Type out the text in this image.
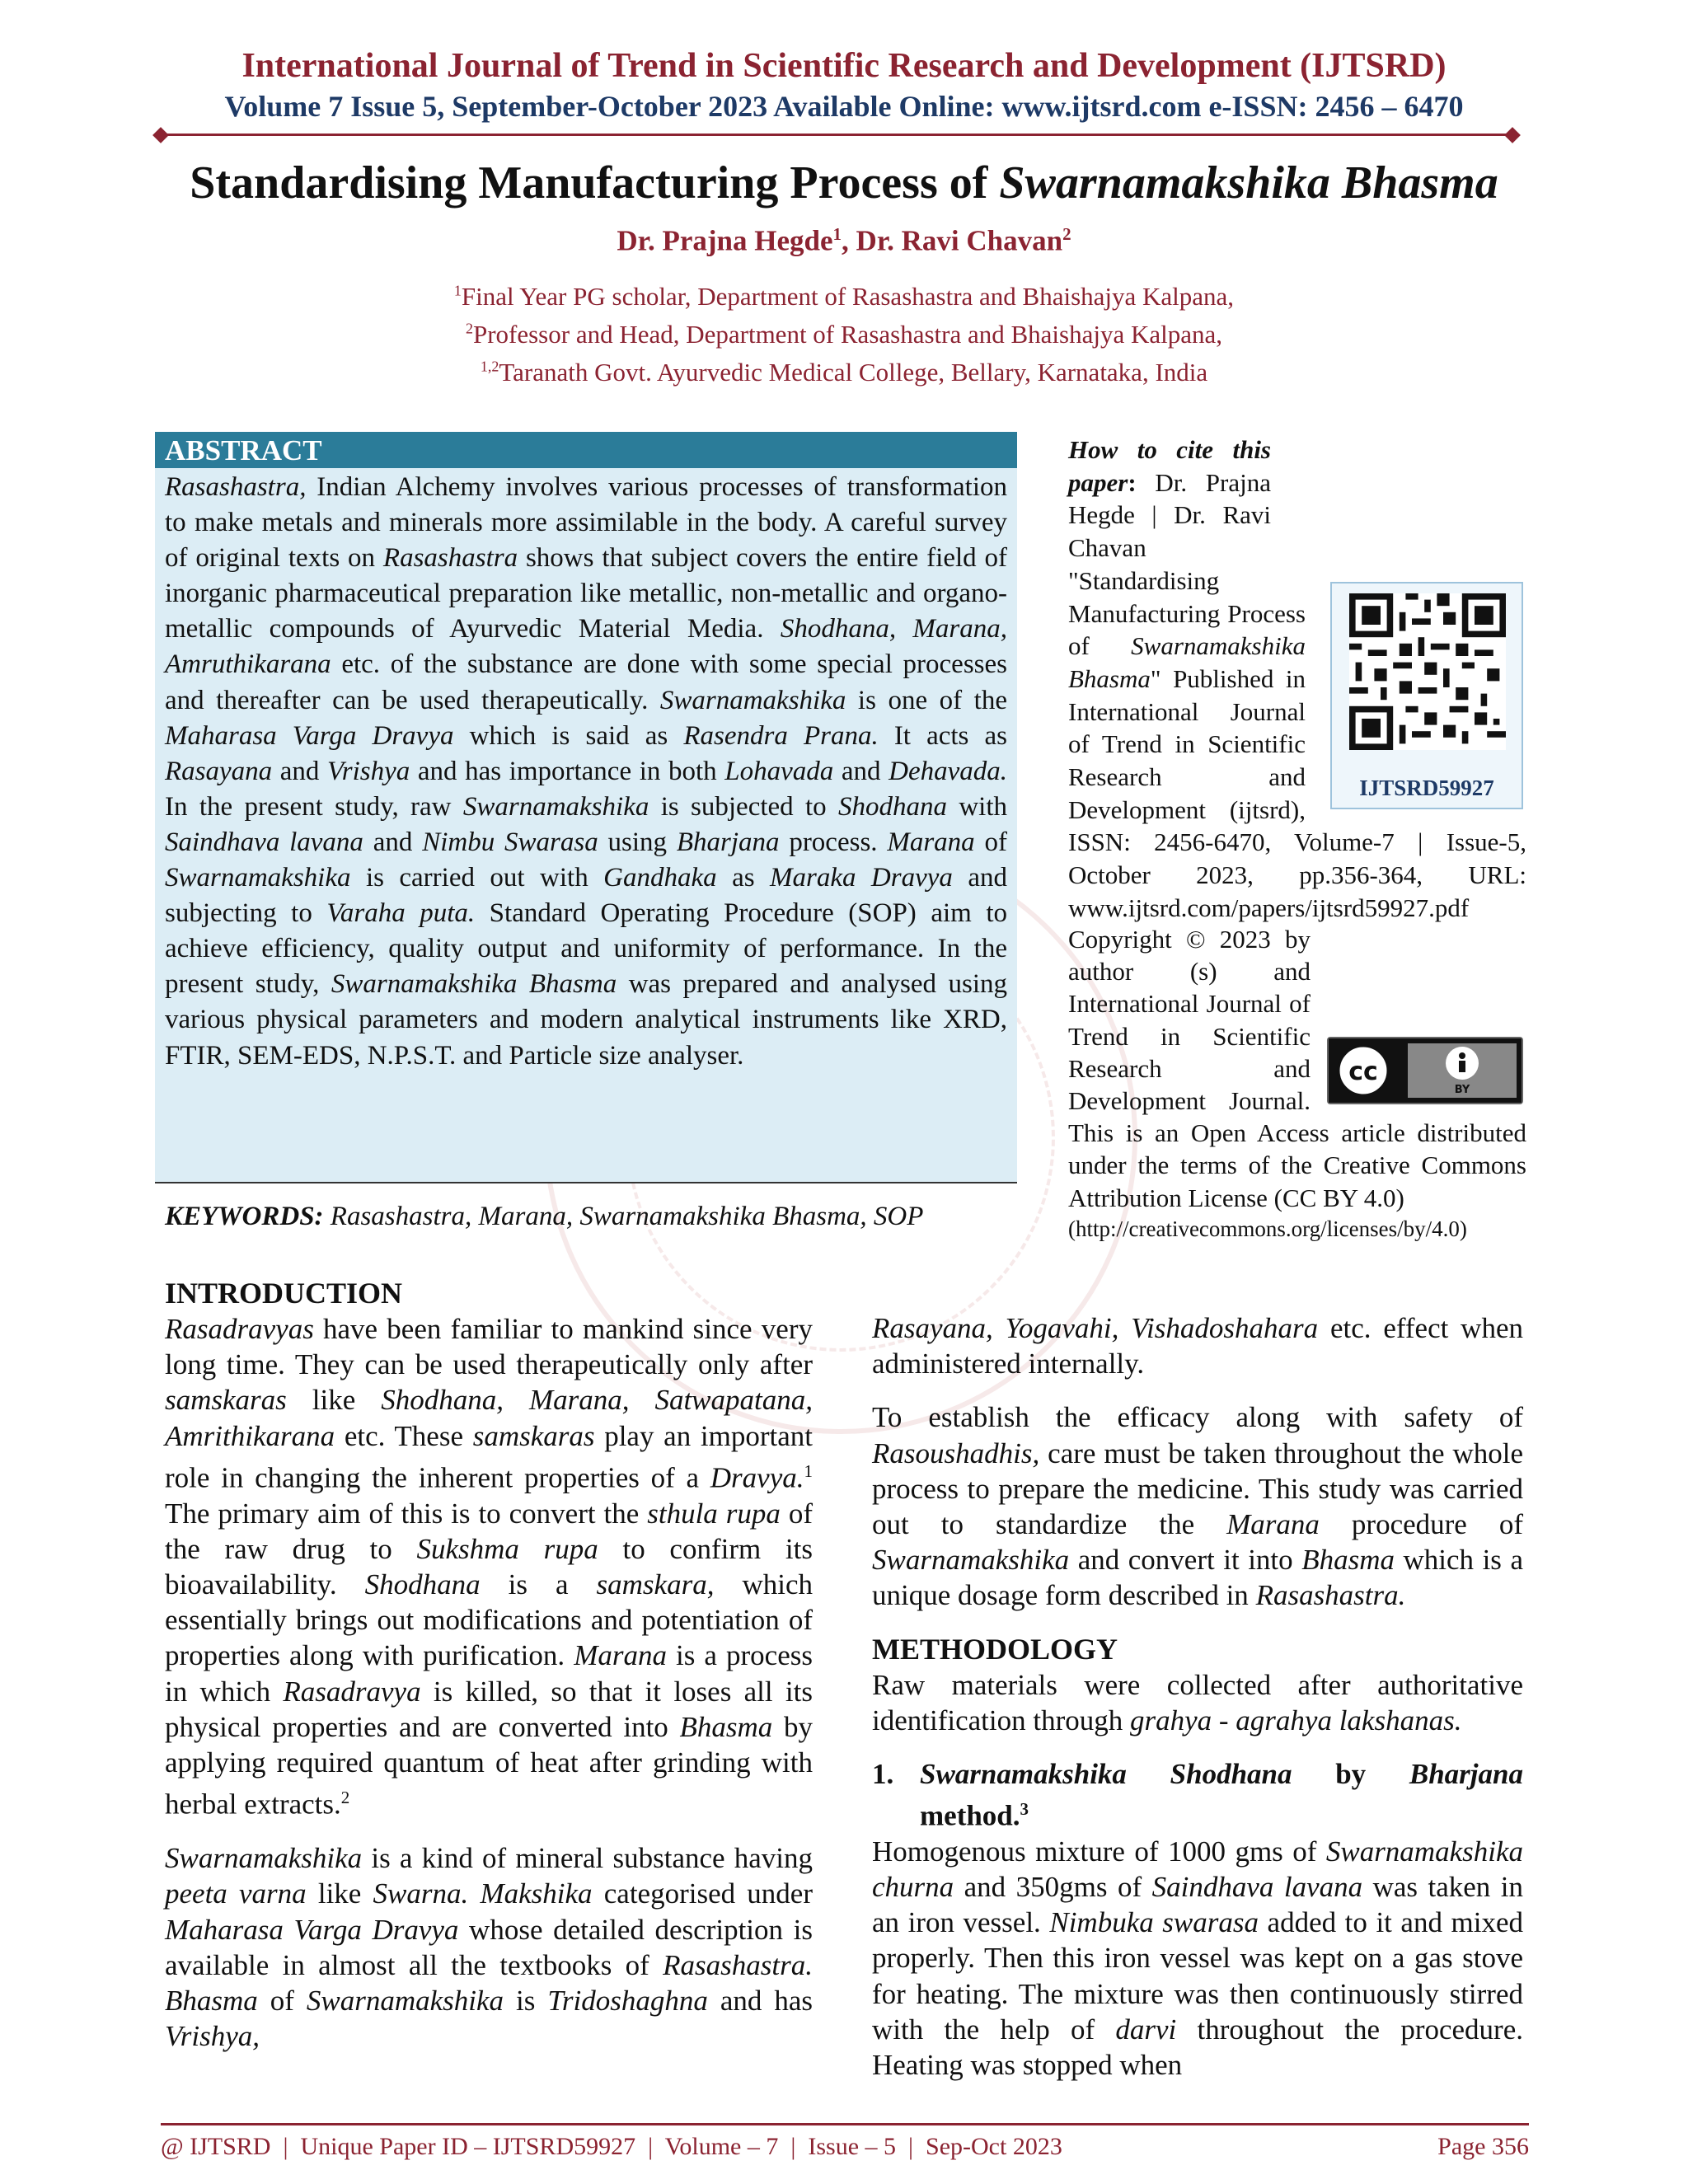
International Journal of Trend in Scientific Research and Development (IJTSRD)
Volume 7 Issue 5, September-October 2023 Available Online: www.ijtsrd.com e-ISSN: 2456 – 6470
Standardising Manufacturing Process of Swarnamakshika Bhasma
Dr. Prajna Hegde$^1$, Dr. Ravi Chavan$^2$
$^1$Final Year PG scholar, Department of Rasashastra and Bhaishajya Kalpana,
$^2$Professor and Head, Department of Rasashastra and Bhaishajya Kalpana,
$^{1,2}$Taranath Govt. Ayurvedic Medical College, Bellary, Karnataka, India
ABSTRACT
Rasashastra, Indian Alchemy involves various processes of transformation to make metals and minerals more assimilable in the body. A careful survey of original texts on Rasashastra shows that subject covers the entire field of inorganic pharmaceutical preparation like metallic, non-metallic and organo-metallic compounds of Ayurvedic Material Media. Shodhana, Marana, Amruthikarana etc. of the substance are done with some special processes and thereafter can be used therapeutically. Swarnamakshika is one of the Maharasa Varga Dravya which is said as Rasendra Prana. It acts as Rasayana and Vrishya and has importance in both Lohavada and Dehavada. In the present study, raw Swarnamakshika is subjected to Shodhana with Saindhava lavana and Nimbu Swarasa using Bharjana process. Marana of Swarnamakshika is carried out with Gandhaka as Maraka Dravya and subjecting to Varaha puta. Standard Operating Procedure (SOP) aim to achieve efficiency, quality output and uniformity of performance. In the present study, Swarnamakshika Bhasma was prepared and analysed using various physical parameters and modern analytical instruments like XRD, FTIR, SEM-EDS, N.P.S.T. and Particle size analyser.
KEYWORDS: Rasashastra, Marana, Swarnamakshika Bhasma, SOP
IJTSRD59927
How to cite this paper: Dr. Prajna Hegde | Dr. Ravi Chavan "Standardising Manufacturing Process of Swarnamakshika Bhasma" Published in International Journal of Trend in Scientific Research and Development (ijtsrd), ISSN: 2456-6470, Volume-7 | Issue-5, October 2023, pp.356-364, URL: www.ijtsrd.com/papers/ijtsrd59927.pdf
cc
BY
Copyright © 2023 by author (s) and International Journal of Trend in Scientific Research and Development Journal. This is an Open Access article distributed under the terms of the Creative Commons Attribution License (CC BY 4.0)
(http://creativecommons.org/licenses/by/4.0)
INTRODUCTION

Rasadravyas have been familiar to mankind since very long time. They can be used therapeutically only after samskaras like Shodhana, Marana, Satwapatana, Amrithikarana etc. These samskaras play an important role in changing the inherent properties of a Dravya.$^1$ The primary aim of this is to convert the sthula rupa of the raw drug to Sukshma rupa to confirm its bioavailability. Shodhana is a samskara, which essentially brings out modifications and potentiation of properties along with purification. Marana is a process in which Rasadravya is killed, so that it loses all its physical properties and are converted into Bhasma by applying required quantum of heat after grinding with herbal extracts.$^2$

Swarnamakshika is a kind of mineral substance having peeta varna like Swarna. Makshika categorised under Maharasa Varga Dravya whose detailed description is available in almost all the textbooks of Rasashastra. Bhasma of Swarnamakshika is Tridoshaghna and has Vrishya,

Rasayana, Yogavahi, Vishadoshahara etc. effect when administered internally.

To establish the efficacy along with safety of Rasoushadhis, care must be taken throughout the whole process to prepare the medicine. This study was carried out to standardize the Marana procedure of Swarnamakshika and convert it into Bhasma which is a unique dosage form described in Rasashastra.

METHODOLOGY

Raw materials were collected after authoritative identification through grahya - agrahya lakshanas.

1. Swarnamakshika Shodhana by Bharjana method.$^3$

Homogenous mixture of 1000 gms of Swarnamakshika churna and 350gms of Saindhava lavana was taken in an iron vessel. Nimbuka swarasa added to it and mixed properly. Then this iron vessel was kept on a gas stove for heating. The mixture was then continuously stirred with the help of darvi throughout the procedure. Heating was stopped when

@ IJTSRD  |  Unique Paper ID – IJTSRD59927  |  Volume – 7  |  Issue – 5  |  Sep-Oct 2023	Page 356
